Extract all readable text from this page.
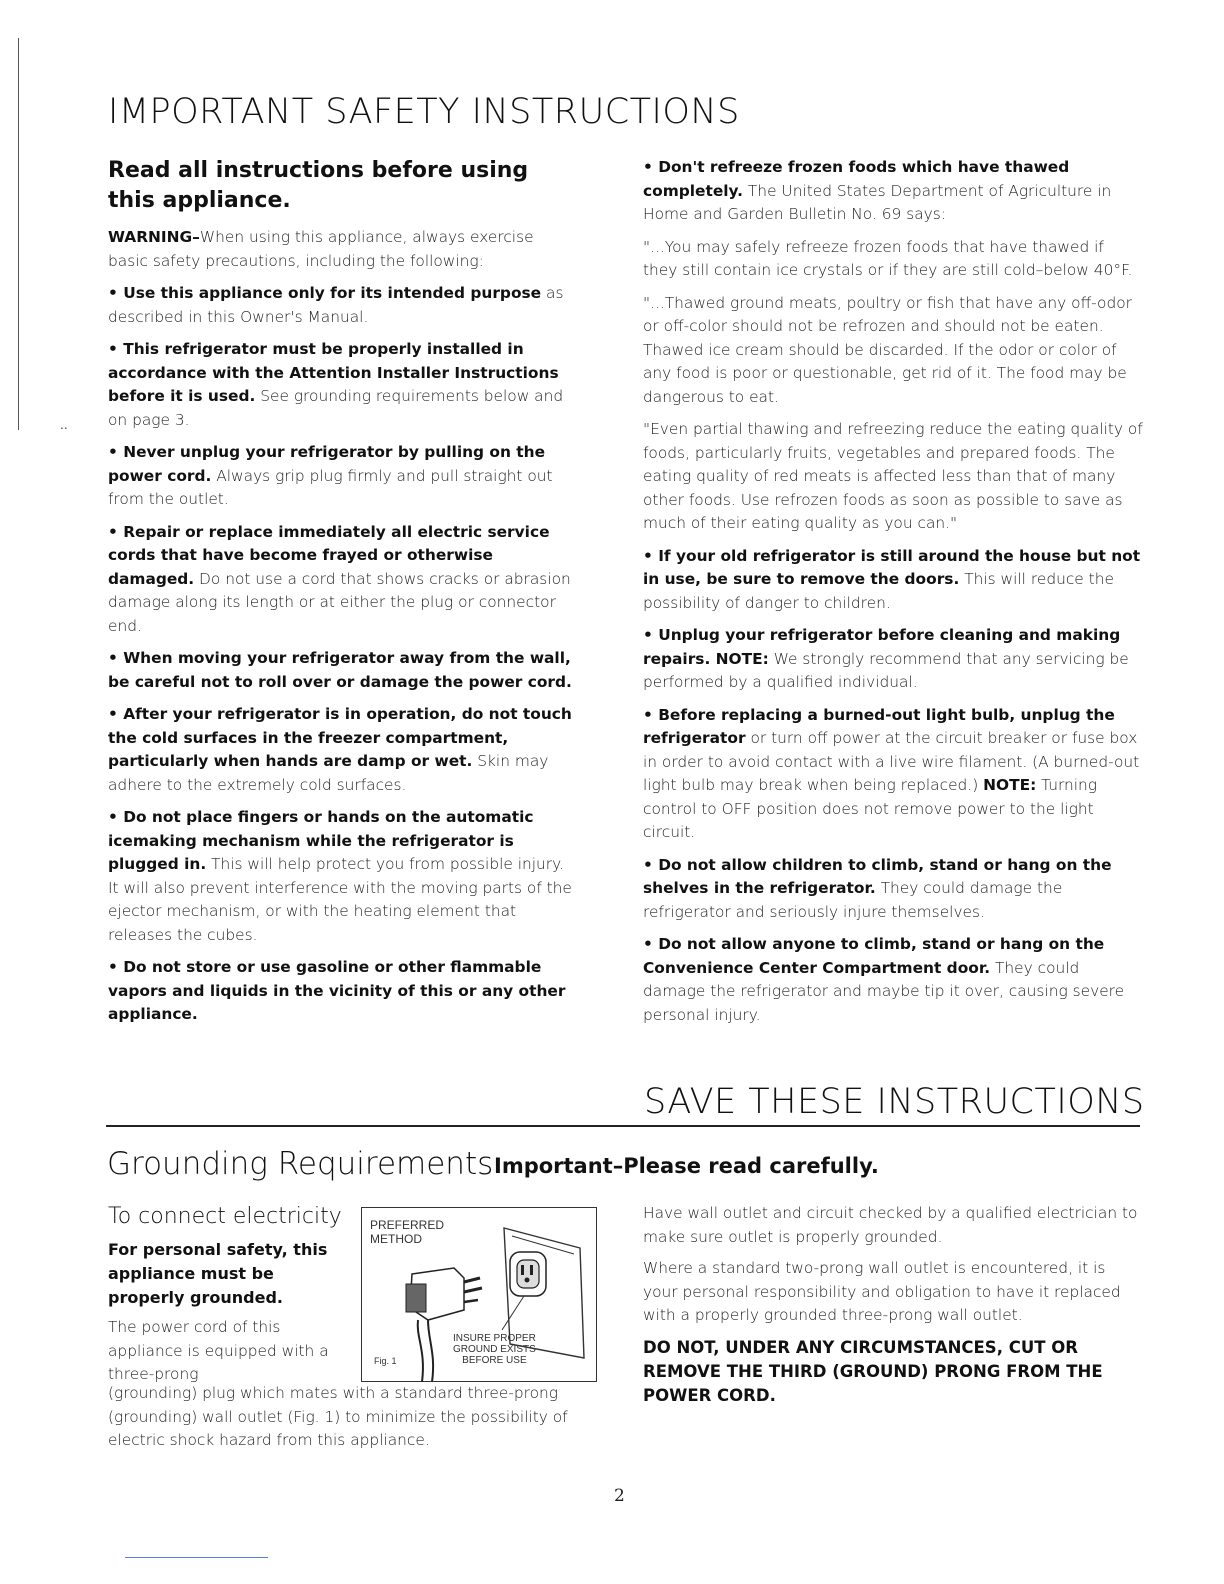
..
IMPORTANT SAFETY INSTRUCTIONS
Read all instructions before using this appliance.

WARNING–When using this appliance, always exercise basic safety precautions, including the following:

• Use this appliance only for its intended purpose as described in this Owner's Manual.

• This refrigerator must be properly installed in accordance with the Attention Installer Instructions before it is used. See grounding requirements below and on page 3.

• Never unplug your refrigerator by pulling on the power cord. Always grip plug firmly and pull straight out from the outlet.

• Repair or replace immediately all electric service cords that have become frayed or otherwise damaged. Do not use a cord that shows cracks or abrasion damage along its length or at either the plug or connector end.

• When moving your refrigerator away from the wall, be careful not to roll over or damage the power cord.

• After your refrigerator is in operation, do not touch the cold surfaces in the freezer compartment, particularly when hands are damp or wet. Skin may adhere to the extremely cold surfaces.

• Do not place fingers or hands on the automatic icemaking mechanism while the refrigerator is plugged in. This will help protect you from possible injury. It will also prevent interference with the moving parts of the ejector mechanism, or with the heating element that releases the cubes.

• Do not store or use gasoline or other flammable vapors and liquids in the vicinity of this or any other appliance.

• Don't refreeze frozen foods which have thawed completely. The United States Department of Agriculture in Home and Garden Bulletin No. 69 says:

"...You may safely refreeze frozen foods that have thawed if they still contain ice crystals or if they are still cold–below 40°F.

"...Thawed ground meats, poultry or fish that have any off-odor or off-color should not be refrozen and should not be eaten. Thawed ice cream should be discarded. If the odor or color of any food is poor or questionable, get rid of it. The food may be dangerous to eat.

"Even partial thawing and refreezing reduce the eating quality of foods, particularly fruits, vegetables and prepared foods. The eating quality of red meats is affected less than that of many other foods. Use refrozen foods as soon as possible to save as much of their eating quality as you can."

• If your old refrigerator is still around the house but not in use, be sure to remove the doors. This will reduce the possibility of danger to children.

• Unplug your refrigerator before cleaning and making repairs. NOTE: We strongly recommend that any servicing be performed by a qualified individual.

• Before replacing a burned-out light bulb, unplug the refrigerator or turn off power at the circuit breaker or fuse box in order to avoid contact with a live wire filament. (A burned-out light bulb may break when being replaced.) NOTE: Turning control to OFF position does not remove power to the light circuit.

• Do not allow children to climb, stand or hang on the shelves in the refrigerator. They could damage the refrigerator and seriously injure themselves.

• Do not allow anyone to climb, stand or hang on the Convenience Center Compartment door. They could damage the refrigerator and maybe tip it over, causing severe personal injury.

SAVE THESE INSTRUCTIONS
Grounding Requirements Important–Please read carefully.
To connect electricity
For personal safety, this appliance must be properly grounded.
The power cord of this appliance is equipped with a three-prong
(grounding) plug which mates with a standard three-prong (grounding) wall outlet (Fig. 1) to minimize the possibility of electric shock hazard from this appliance.
PREFERRED
METHOD
INSURE PROPER
GROUND EXISTS
BEFORE USE
Fig. 1

Have wall outlet and circuit checked by a qualified electrician to make sure outlet is properly grounded.

Where a standard two-prong wall outlet is encountered, it is your personal responsibility and obligation to have it replaced with a properly grounded three-prong wall outlet.

DO NOT, UNDER ANY CIRCUMSTANCES, CUT OR REMOVE THE THIRD (GROUND) PRONG FROM THE POWER CORD.
2
